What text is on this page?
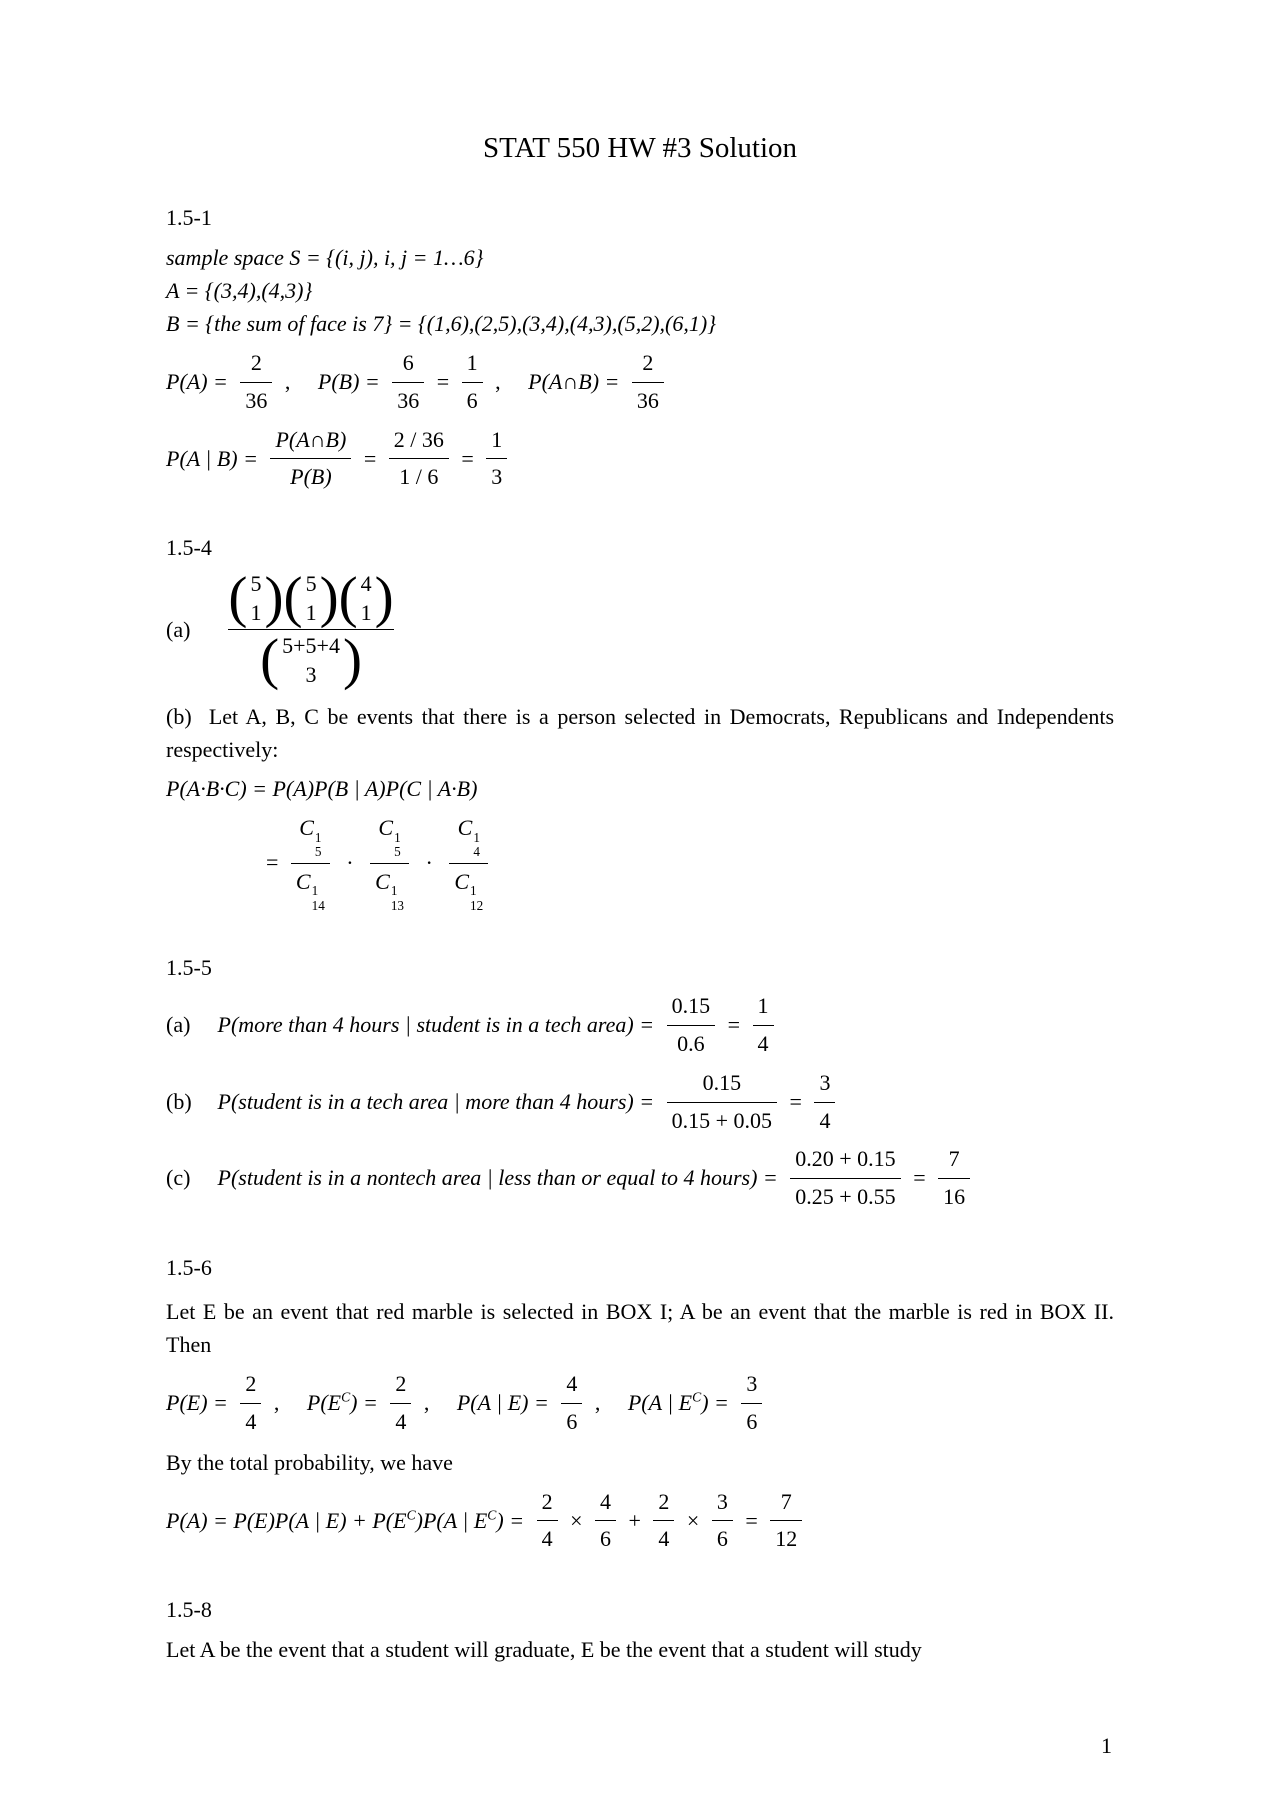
STAT 550 HW #3 Solution
1.5-1
sample space S = {(i, j), i, j = 1…6}
A = {(3,4),(4,3)}
B = {the sum of face is 7} = {(1,6),(2,5),(3,4),(4,3),(5,2),(6,1)}
$P(A) = \frac{2}{36}$ , $P(B) = \frac{6}{36} = \frac{1}{6}$ , P(A∩B) = $\frac{2}{36}$
P(A | $B) = \frac{P(A\cap B)}{P(B)} = \frac{2 / 36}{1 / 6} = \frac{1}{3}$
1.5-4
(a) ( 5
1
)
( 5
1
)
( 4
1
)
( 5+5+4
3
)

(b) Let A, B, C be events that there is a person selected in Democrats, Republicans and Independents respectively:

P(A·B·C) = P(A)P(B | A)P(C | A·B)
= C 1
5
C 1
14 · C 1
5
C 1
13 · C 1
4
C 1
12
1.5-5
(a) P(more than 4 hours | student is in a tech area) = $\frac{0.15}{0.6} = \frac{1}{4}$
(b) P(student is in a tech area | more than 4 hours) = $\frac{0.15}{0.15 + 0.05} = \frac{3}{4}$
(c) P(student is in a nontech area | less than or equal to 4 hours) = $\frac{0.20 + 0.15}{0.25 + 0.55} = \frac{7}{16}$
1.5-6

Let E be an event that red marble is selected in BOX I; A be an event that the marble is red in BOX II. Then

$P(E) = \frac{2}{4}$ , $P(E^C) = \frac{2}{4}$ , P(A | $E) = \frac{4}{6}$ , P(A | $E^C) = \frac{3}{6}$
By the total probability, we have
P(A) = P(E)P(A | $E) + P(E^C)P(A$ | $E^C) = \frac{2}{4} \times \frac{4}{6} + \frac{2}{4} \times \frac{3}{6} = \frac{7}{12}$
1.5-8
Let A be the event that a student will graduate, E be the event that a student will study
1
